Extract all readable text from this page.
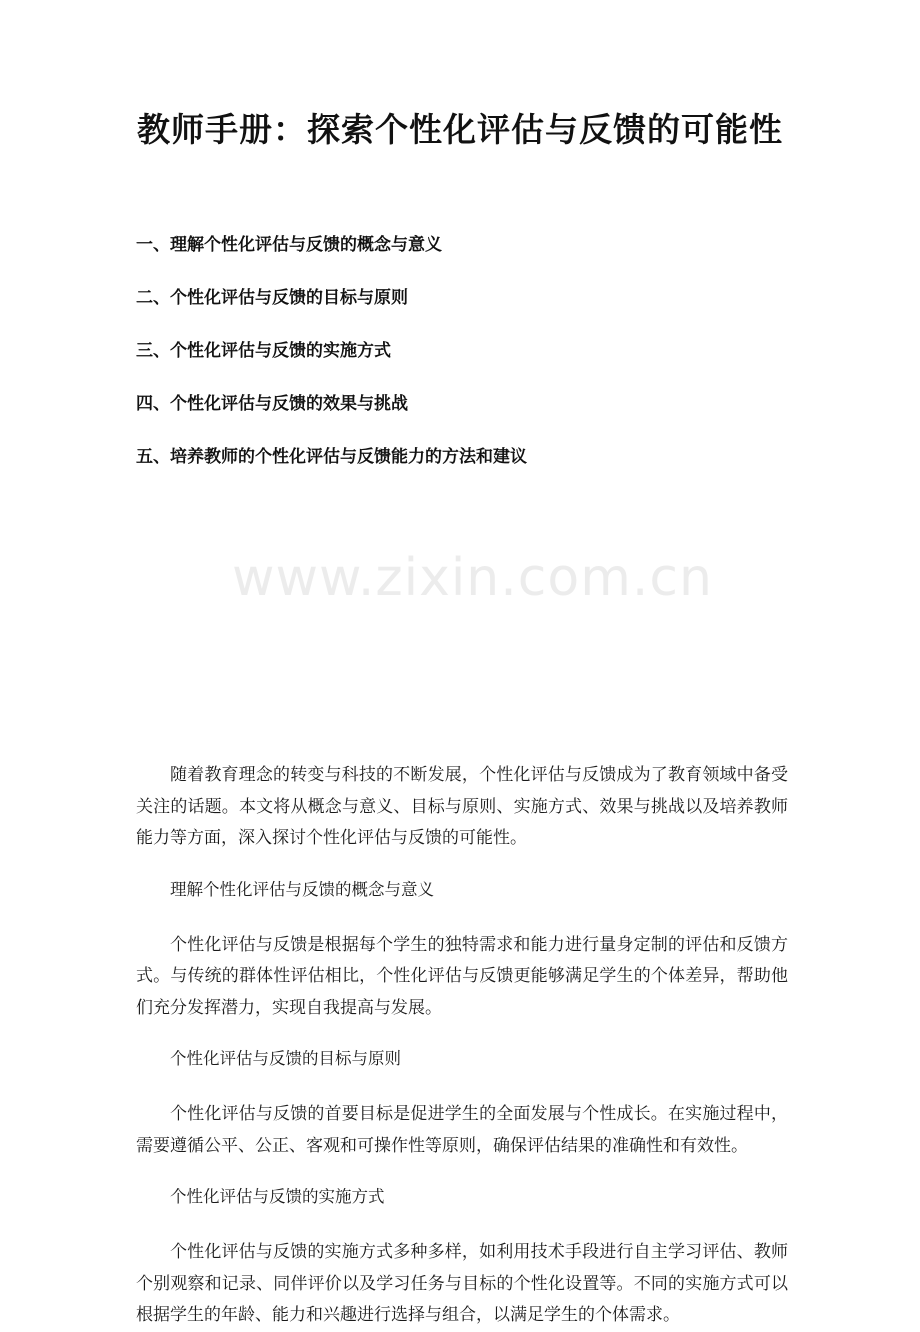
www.zixin.com.cn
教师手册：探索个性化评估与反馈的可能性
一、理解个性化评估与反馈的概念与意义
二、个性化评估与反馈的目标与原则
三、个性化评估与反馈的实施方式
四、个性化评估与反馈的效果与挑战
五、培养教师的个性化评估与反馈能力的方法和建议

随着教育理念的转变与科技的不断发展，个性化评估与反馈成为了教育领域中备受关注的话题。本文将从概念与意义、目标与原则、实施方式、效果与挑战以及培养教师能力等方面，深入探讨个性化评估与反馈的可能性。

理解个性化评估与反馈的概念与意义

个性化评估与反馈是根据每个学生的独特需求和能力进行量身定制的评估和反馈方式。与传统的群体性评估相比，个性化评估与反馈更能够满足学生的个体差异，帮助他们充分发挥潜力，实现自我提高与发展。

个性化评估与反馈的目标与原则

个性化评估与反馈的首要目标是促进学生的全面发展与个性成长。在实施过程中，需要遵循公平、公正、客观和可操作性等原则，确保评估结果的准确性和有效性。

个性化评估与反馈的实施方式

个性化评估与反馈的实施方式多种多样，如利用技术手段进行自主学习评估、教师个别观察和记录、同伴评价以及学习任务与目标的个性化设置等。不同的实施方式可以根据学生的年龄、能力和兴趣进行选择与组合，以满足学生的个体需求。
